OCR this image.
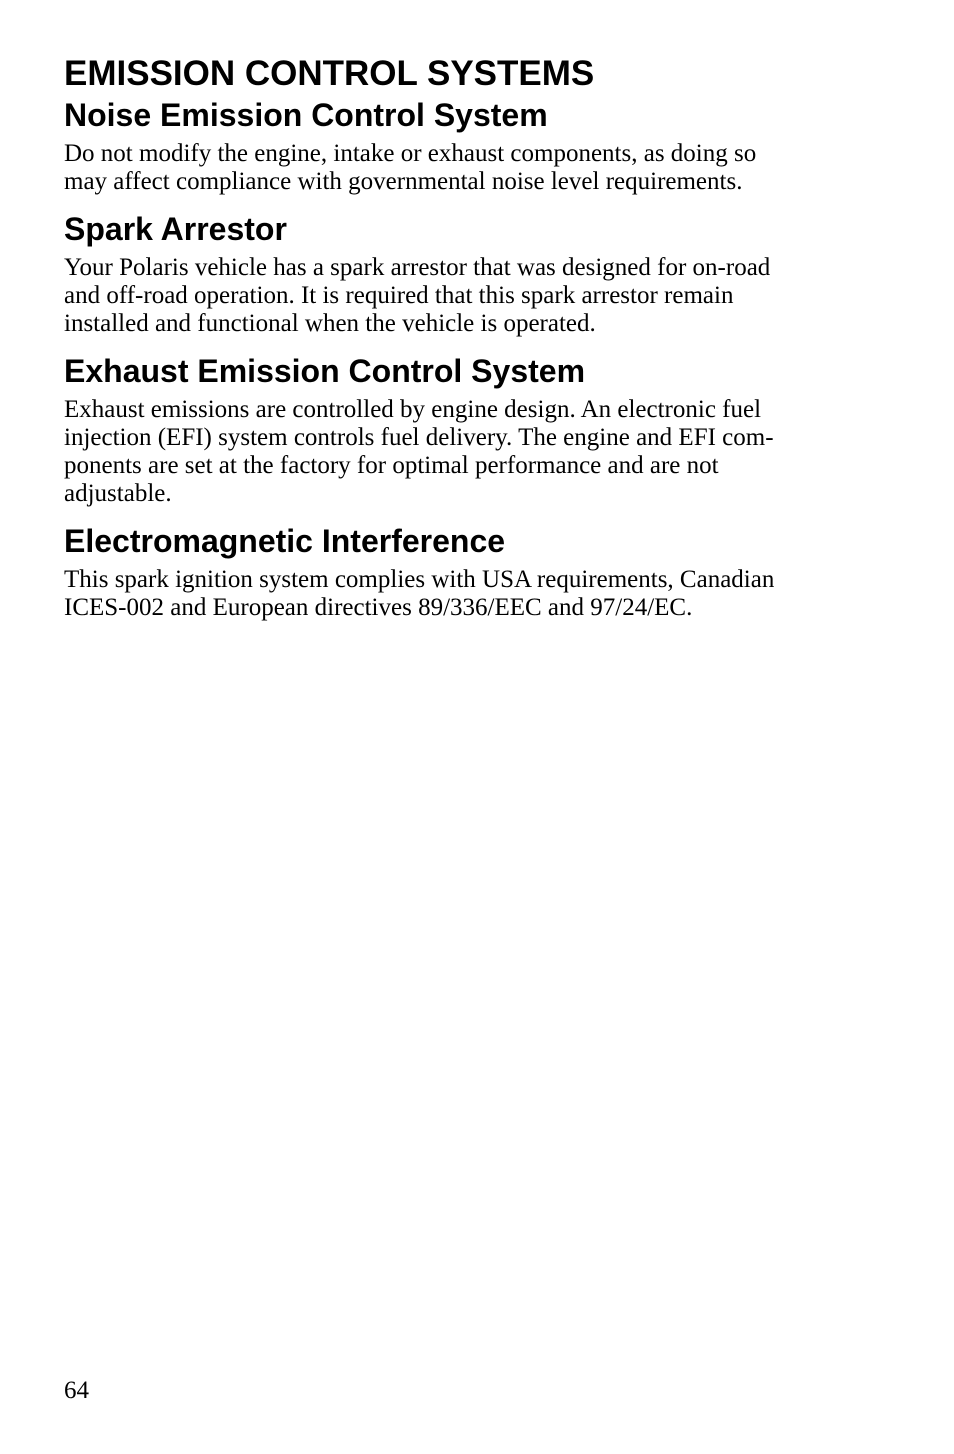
EMISSION CONTROL SYSTEMS
Noise Emission Control System

Do not modify the engine, intake or exhaust components, as doing so
may affect compliance with governmental noise level requirements.

Spark Arrestor

Your Polaris vehicle has a spark arrestor that was designed for on-road
and off-road operation. It is required that this spark arrestor remain
installed and functional when the vehicle is operated.

Exhaust Emission Control System

Exhaust emissions are controlled by engine design. An electronic fuel
injection (EFI) system controls fuel delivery. The engine and EFI com-
ponents are set at the factory for optimal performance and are not
adjustable.

Electromagnetic Interference

This spark ignition system complies with USA requirements, Canadian
ICES-002 and European directives 89/336/EEC and 97/24/EC.

64
